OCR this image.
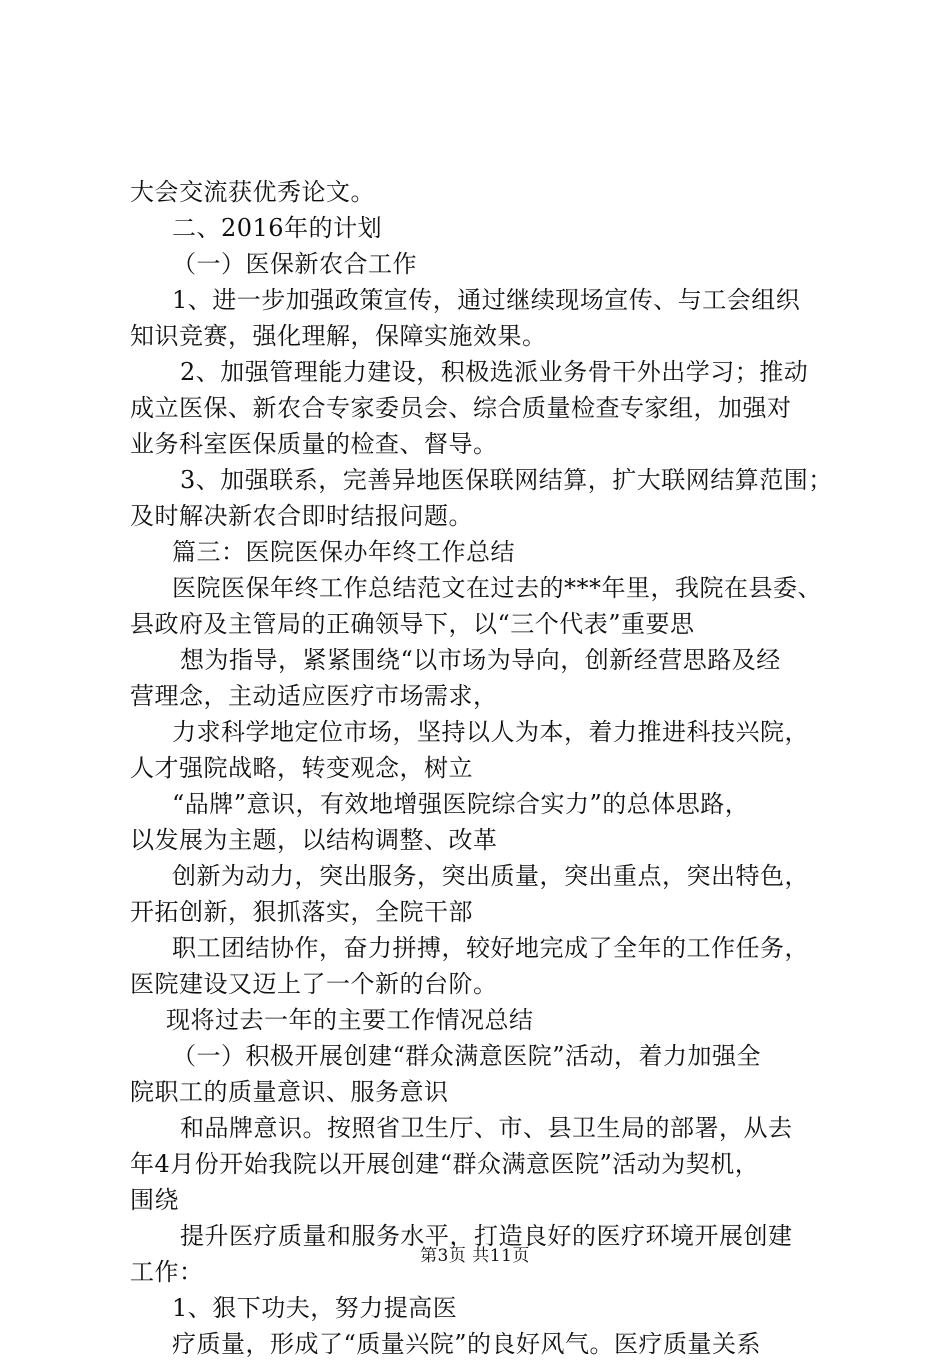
大会交流获优秀论文。
二、2016年的计划
（一）医保新农合工作
1、进一步加强政策宣传，通过继续现场宣传、与工会组织
知识竞赛，强化理解，保障实施效果。
2、加强管理能力建设，积极选派业务骨干外出学习；推动
成立医保、新农合专家委员会、综合质量检查专家组，加强对
业务科室医保质量的检查、督导。
3、加强联系，完善异地医保联网结算，扩大联网结算范围；
及时解决新农合即时结报问题。
篇三：医院医保办年终工作总结
医院医保年终工作总结范文在过去的***年里，我院在县委、
县政府及主管局的正确领导下，以“三个代表”重要思
想为指导，紧紧围绕“以市场为导向，创新经营思路及经
营理念，主动适应医疗市场需求，
力求科学地定位市场，坚持以人为本，着力推进科技兴院，
人才强院战略，转变观念，树立
“品牌”意识，有效地增强医院综合实力”的总体思路，
以发展为主题，以结构调整、改革
创新为动力，突出服务，突出质量，突出重点，突出特色，
开拓创新，狠抓落实，全院干部
职工团结协作，奋力拼搏，较好地完成了全年的工作任务，
医院建设又迈上了一个新的台阶。
现将过去一年的主要工作情况总结
（一）积极开展创建“群众满意医院”活动，着力加强全
院职工的质量意识、服务意识
和品牌意识。按照省卫生厅、市、县卫生局的部署，从去
年4月份开始我院以开展创建“群众满意医院”活动为契机，
围绕
提升医疗质量和服务水平，打造良好的医疗环境开展创建
工作：
1、狠下功夫，努力提高医
疗质量，形成了“质量兴院”的良好风气。医疗质量关系
第3页 共11页
